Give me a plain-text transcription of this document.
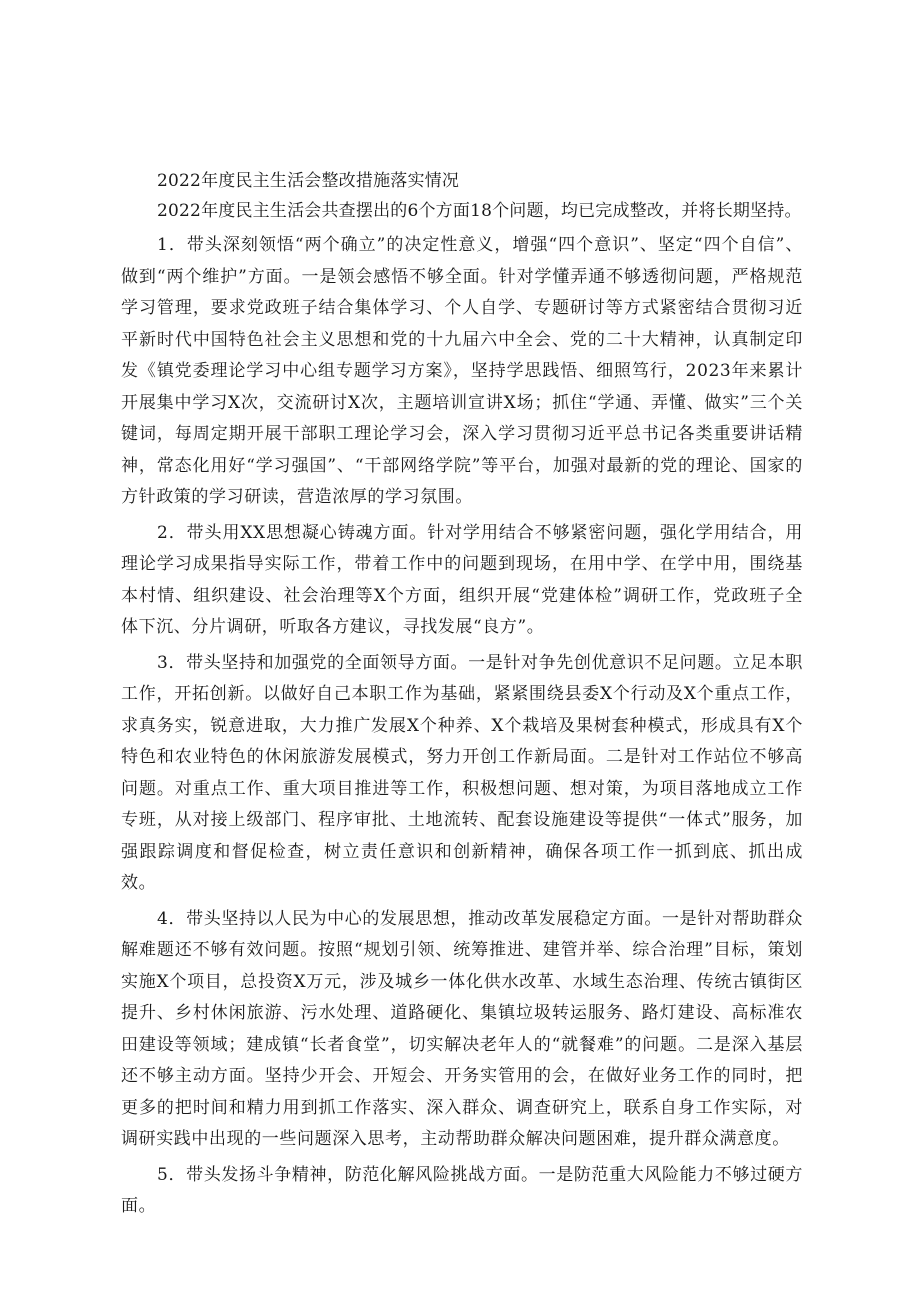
2022年度民主生活会整改措施落实情况

2022年度民主生活会共查摆出的6个方面18个问题，均已完成整改，并将长期坚持。

1．带头深刻领悟“两个确立”的决定性意义，增强“四个意识”、坚定“四个自信”、做到“两个维护”方面。一是领会感悟不够全面。针对学懂弄通不够透彻问题，严格规范学习管理，要求党政班子结合集体学习、个人自学、专题研讨等方式紧密结合贯彻习近平新时代中国特色社会主义思想和党的十九届六中全会、党的二十大精神，认真制定印发《镇党委理论学习中心组专题学习方案》，坚持学思践悟、细照笃行，2023年来累计开展集中学习X次，交流研讨X次，主题培训宣讲X场；抓住“学通、弄懂、做实”三个关键词，每周定期开展干部职工理论学习会，深入学习贯彻习近平总书记各类重要讲话精神，常态化用好“学习强国”、“干部网络学院”等平台，加强对最新的党的理论、国家的方针政策的学习研读，营造浓厚的学习氛围。

2．带头用XX思想凝心铸魂方面。针对学用结合不够紧密问题，强化学用结合，用理论学习成果指导实际工作，带着工作中的问题到现场，在用中学、在学中用，围绕基本村情、组织建设、社会治理等X个方面，组织开展“党建体检”调研工作，党政班子全体下沉、分片调研，听取各方建议，寻找发展“良方”。

3．带头坚持和加强党的全面领导方面。一是针对争先创优意识不足问题。立足本职工作，开拓创新。以做好自己本职工作为基础，紧紧围绕县委X个行动及X个重点工作，求真务实，锐意进取，大力推广发展X个种养、X个栽培及果树套种模式，形成具有X个特色和农业特色的休闲旅游发展模式，努力开创工作新局面。二是针对工作站位不够高问题。对重点工作、重大项目推进等工作，积极想问题、想对策，为项目落地成立工作专班，从对接上级部门、程序审批、土地流转、配套设施建设等提供“一体式”服务，加强跟踪调度和督促检查，树立责任意识和创新精神，确保各项工作一抓到底、抓出成效。

4．带头坚持以人民为中心的发展思想，推动改革发展稳定方面。一是针对帮助群众解难题还不够有效问题。按照“规划引领、统筹推进、建管并举、综合治理”目标，策划实施X个项目，总投资X万元，涉及城乡一体化供水改革、水域生态治理、传统古镇街区提升、乡村休闲旅游、污水处理、道路硬化、集镇垃圾转运服务、路灯建设、高标准农田建设等领域；建成镇“长者食堂”，切实解决老年人的“就餐难”的问题。二是深入基层还不够主动方面。坚持少开会、开短会、开务实管用的会，在做好业务工作的同时，把更多的把时间和精力用到抓工作落实、深入群众、调查研究上，联系自身工作实际，对调研实践中出现的一些问题深入思考，主动帮助群众解决问题困难，提升群众满意度。

5．带头发扬斗争精神，防范化解风险挑战方面。一是防范重大风险能力不够过硬方面。
